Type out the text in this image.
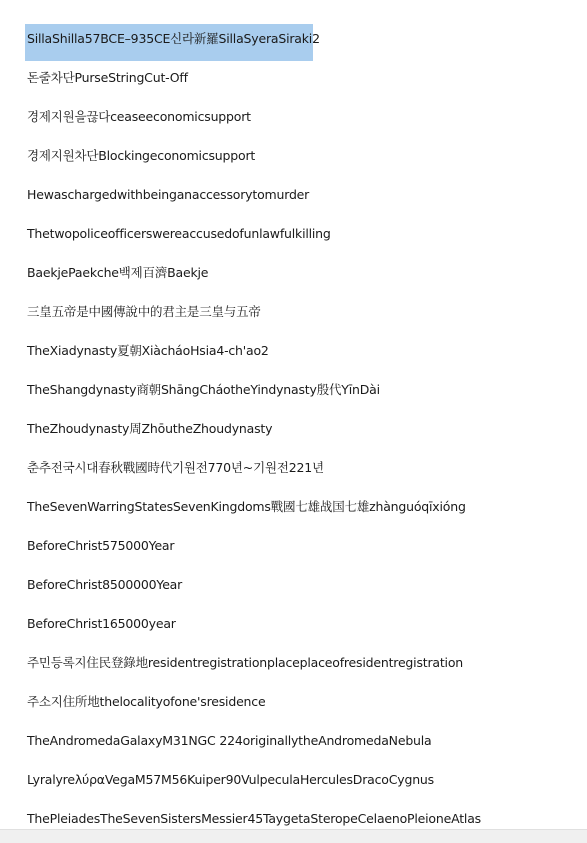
SillaShilla57BCE–935CE신라新羅SillaSyeraSiraki2
돈줄차단PurseStringCut-Off
경제지원을끊다ceaseeconomicsupport
경제지원차단Blockingeconomicsupport
Hewaschargedwithbeinganaccessorytomurder
Thetwopoliceofficerswereaccusedofunlawfulkilling
BaekjePaekche백제百濟Baekje
三皇五帝是中國傳說中的君主是三皇与五帝
TheXiadynasty夏朝XiàcháoHsia4-ch'ao2
TheShangdynasty商朝ShāngCháotheYindynasty殷代YīnDài
TheZhoudynasty周ZhōutheZhoudynasty
춘추전국시대春秋戰國時代기원전770년~기원전221년
TheSevenWarringStatesSevenKingdoms戰國七雄战国七雄zhànguóqīxióng
BeforeChrist575000Year
BeforeChrist8500000Year
BeforeChrist165000year
주민등록지住民登錄地residentregistrationplaceplaceofresidentregistration
주소지住所地thelocalityofone'sresidence
TheAndromedaGalaxyM31NGC 224originallytheAndromedaNebula
LyralyreλύραVegaM57M56Kuiper90VulpeculaHerculesDracoCygnus
ThePleiadesTheSevenSistersMessier45TaygetaSteropeCelaenoPleioneAtlas
